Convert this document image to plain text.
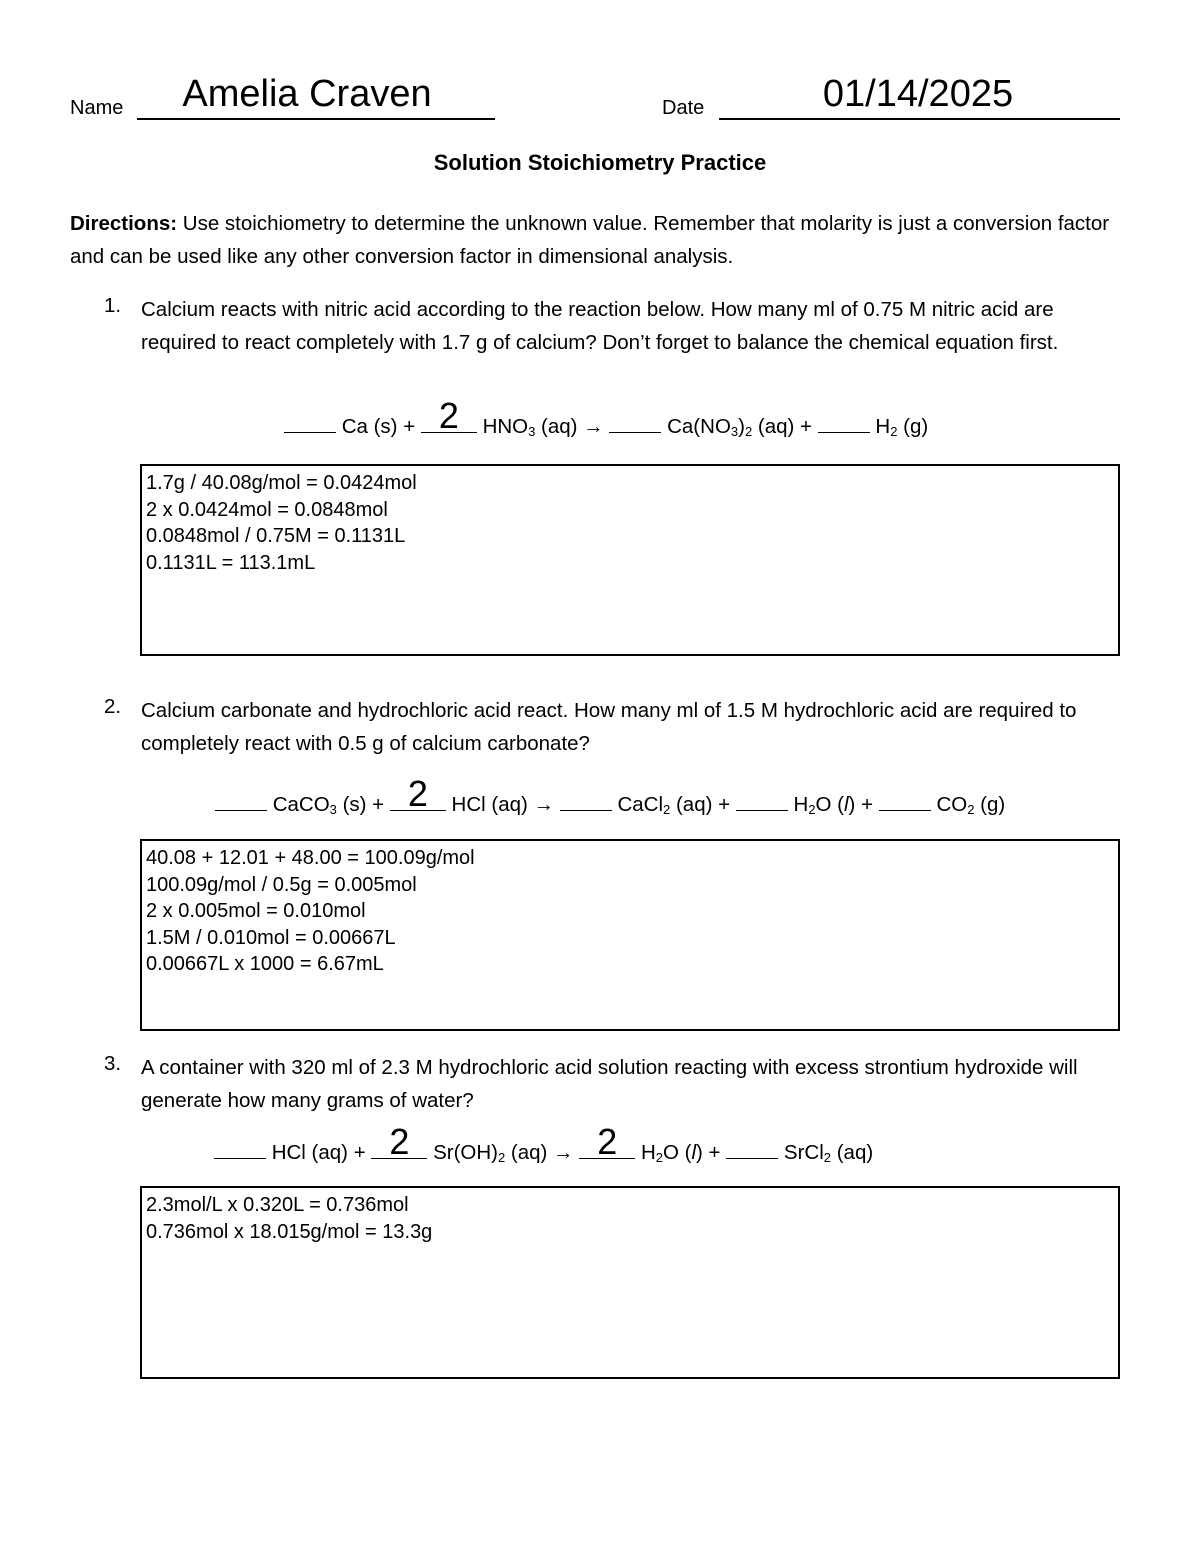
Name	Amelia Craven	Date	01/14/2025
Solution Stoichiometry Practice
Directions: Use stoichiometry to determine the unknown value. Remember that molarity is just a conversion factor and can be used like any other conversion factor in dimensional analysis.
1. Calcium reacts with nitric acid according to the reaction below. How many ml of 0.75 M nitric acid are required to react completely with 1.7 g of calcium? Don’t forget to balance the chemical equation first.
Ca (s) + 2 $HNO_3$ (aq) →	$Ca(NO_3)_2$ (aq) +	$H_2$ (g)
1.7g / 40.08g/mol = 0.0424mol
2 x 0.0424mol = 0.0848mol
0.0848mol / 0.75M = 0.1131L
0.1131L = 113.1mL
2. Calcium carbonate and hydrochloric acid react. How many ml of 1.5 M hydrochloric acid are required to completely react with 0.5 g of calcium carbonate?
CaCO$_3$ (s) + 2 HCl (aq) →	CaCl$_2$ (aq) +	$H_2O$ (l) +	$CO_2$ (g)
40.08 + 12.01 + 48.00 = 100.09g/mol
100.09g/mol / 0.5g = 0.005mol
2 x 0.005mol = 0.010mol
1.5M / 0.010mol = 0.00667L
0.00667L x 1000 = 6.67mL
3. A container with 320 ml of 2.3 M hydrochloric acid solution reacting with excess strontium hydroxide will generate how many grams of water?
HCl (aq) + 2 $Sr(OH)_2$ (aq) → 2 $H_2O$ (l) +	SrCl$_2$ (aq)
2.3mol/L x 0.320L = 0.736mol
0.736mol x 18.015g/mol = 13.3g
